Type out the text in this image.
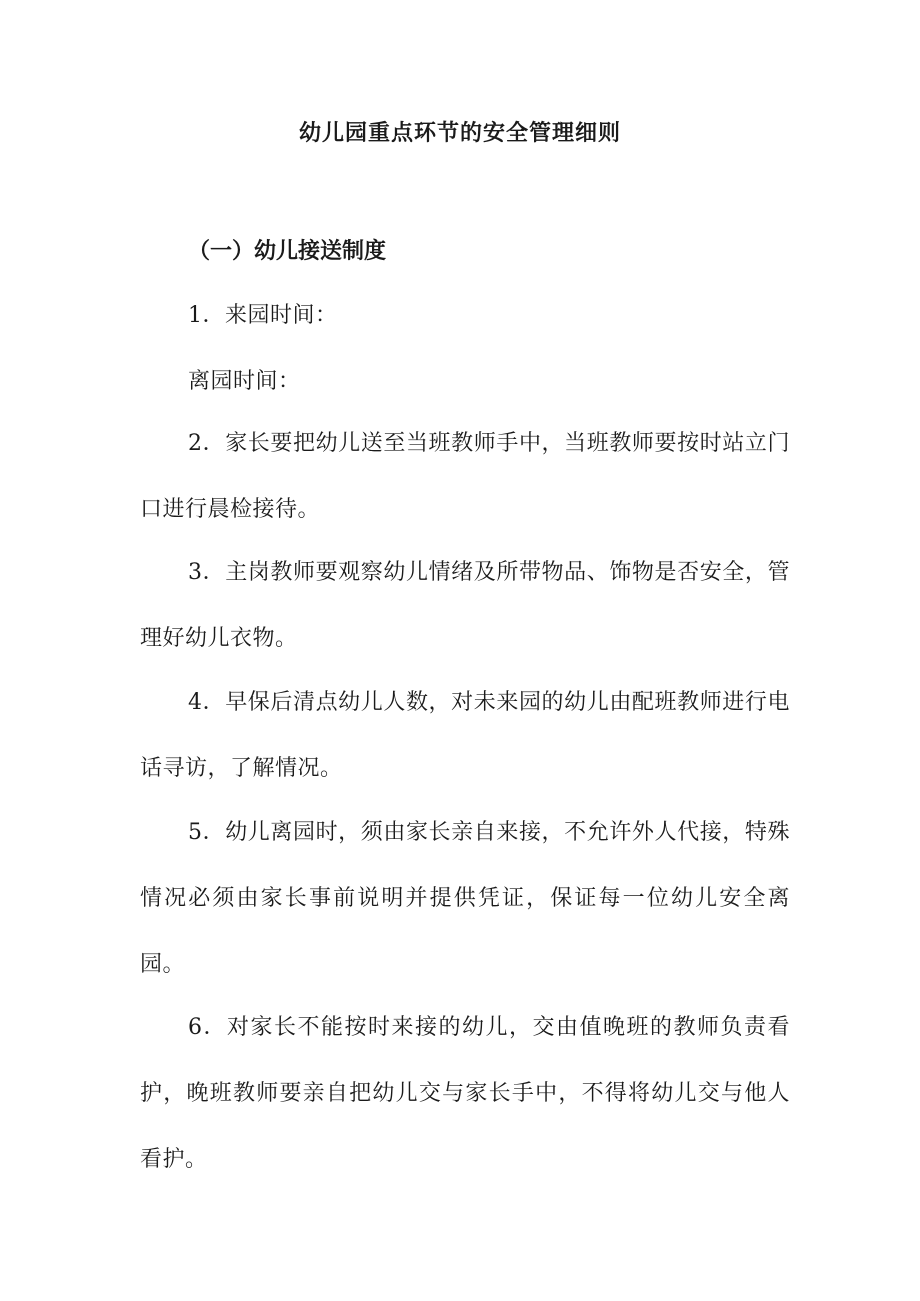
幼儿园重点环节的安全管理细则
（一）幼儿接送制度

1．来园时间：

离园时间：

2．家长要把幼儿送至当班教师手中，当班教师要按时站立门口进行晨检接待。

3．主岗教师要观察幼儿情绪及所带物品、饰物是否安全，管理好幼儿衣物。

4．早保后清点幼儿人数，对未来园的幼儿由配班教师进行电话寻访，了解情况。

5．幼儿离园时，须由家长亲自来接，不允许外人代接，特殊情况必须由家长事前说明并提供凭证，保证每一位幼儿安全离园。

6．对家长不能按时来接的幼儿，交由值晚班的教师负责看护，晚班教师要亲自把幼儿交与家长手中，不得将幼儿交与他人看护。
